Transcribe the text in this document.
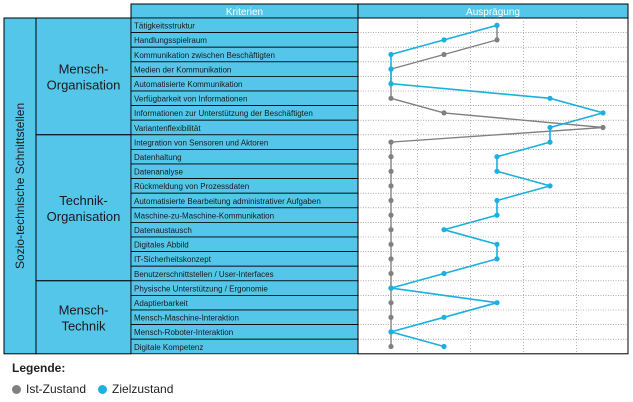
Kriterien	Ausprägung
Sozio-technische Schnittstellen
Mensch-
Organisation
Technik-
Organisation
Mensch-
Technik
Tätigkeitsstruktur
Handlungsspielraum
Kommunikation zwischen Beschäftigten
Medien der Kommunikation
Automatisierte Kommunikation
Verfügbarkeit von Informationen
Informationen zur Unterstützung der Beschäftigten
Variantenflexibilität
Integration von Sensoren und Aktoren
Datenhaltung
Datenanalyse
Rückmeldung von Prozessdaten
Automatisierte Bearbeitung administrativer Aufgaben
Maschine-zu-Maschine-Kommunikation
Datenaustausch
Digitales Abbild
IT-Sicherheitskonzept
Benutzerschnittstellen / User-Interfaces
Physische Unterstützung / Ergonomie
Adaptierbarkeit
Mensch-Maschine-Interaktion
Mensch-Roboter-Interaktion
Digitale Kompetenz
Legende:
Ist-Zustand Zielzustand
